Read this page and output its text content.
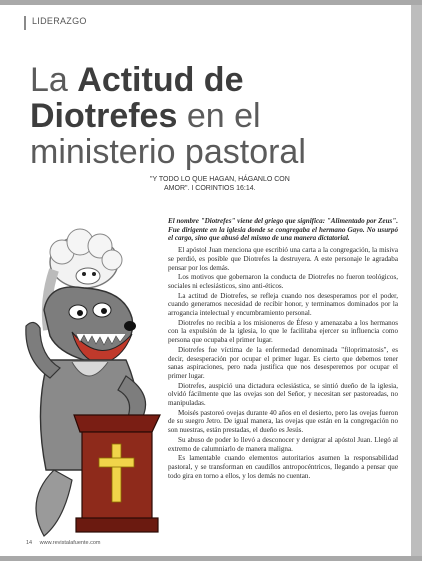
LIDERAZGO
La Actitud de Diotrefes en el ministerio pastoral
"Y TODO LO QUE HAGAN, HÁGANLO CON
AMOR". I CORINTIOS 16:14.

El nombre "Diotrefes" viene del griego que significa: "Alimentado por Zeus". Fue dirigente en la iglesia donde se congregaba el hermano Gayo. No usurpó el cargo, sino que abusó del mismo de una manera dictatorial.

El apóstol Juan menciona que escribió una carta a la congregación, la misiva se perdió, es posible que Diotrefes la destruyera. A este personaje le agradaba pensar por los demás.

Los motivos que gobernaron la conducta de Diotrefes no fueron teológicos, sociales ni eclesiásticos, sino anti-éticos.

La actitud de Diotrefes, se refleja cuando nos desesperamos por el poder, cuando generamos necesidad de recibir honor, y terminamos dominados por la arrogancia intelectual y encumbramiento personal.

Diotrefes no recibía a los misioneros de Éfeso y amenazaba a los hermanos con la expulsión de la iglesia, lo que le facilitaba ejercer su influencia como persona que ocupaba el primer lugar.

Diotrefes fue víctima de la enfermedad denominada "filoprimatosis", es decir, desesperación por ocupar el primer lugar. Es cierto que debemos tener sanas aspiraciones, pero nada justifica que nos desesperemos por ocupar el primer lugar.

Diotrefes, auspició una dictadura eclesiástica, se sintió dueño de la iglesia, olvidó fácilmente que las ovejas son del Señor, y necesitan ser pastoreadas, no manipuladas.

Moisés pastoreó ovejas durante 40 años en el desierto, pero las ovejas fueron de su suegro Jetro. De igual manera, las ovejas que están en la congregación no son nuestras, están prestadas, el dueño es Jesús.

Su abuso de poder lo llevó a desconocer y denigrar al apóstol Juan. Llegó al extremo de calumniarlo de manera maligna.

Es lamentable cuando elementos autoritarios asumen la responsabilidad pastoral, y se transforman en caudillos antropocéntricos, llegando a pensar que todo gira en torno a ellos, y los demás no cuentan.

14 www.revistalafuente.com
